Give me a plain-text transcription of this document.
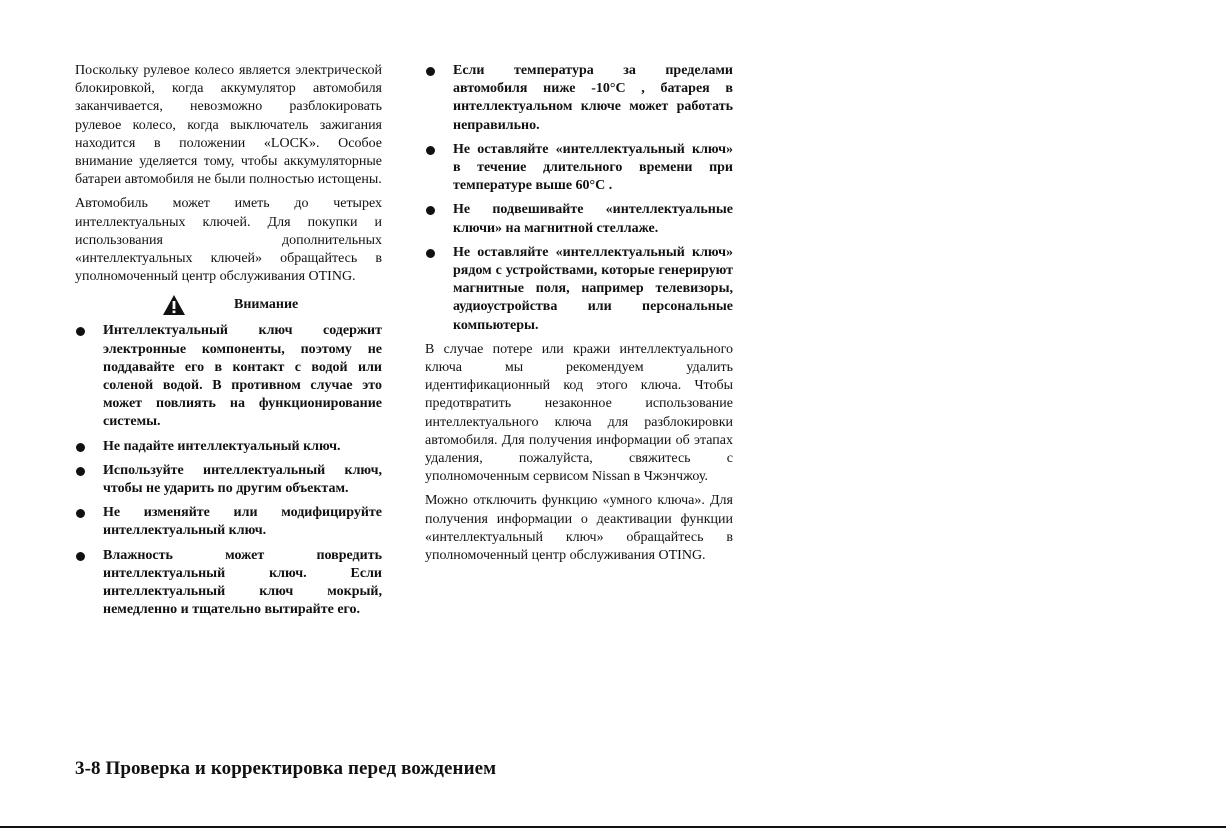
Поскольку рулевое колесо является электрической блокировкой, когда аккумулятор автомобиля заканчивается, невозможно разблокировать рулевое колесо, когда выключатель зажигания находится в положении «LOCK». Особое внимание уделяется тому, чтобы аккумуляторные батареи автомобиля не были полностью истощены.

Автомобиль может иметь до четырех интеллектуальных ключей. Для покупки и использования дополнительных «интеллектуальных ключей» обращайтесь в уполномоченный центр обслуживания OTING.

Внимание
Интеллектуальный ключ содержит электронные компоненты, поэтому не поддавайте его в контакт с водой или соленой водой. В противном случае это может повлиять на функционирование системы.
Не падайте интеллектуальный ключ.
Используйте интеллектуальный ключ, чтобы не ударить по другим объектам.
Не изменяйте или модифицируйте интеллектуальный ключ.
Влажность может повредить интеллектуальный ключ. Если интеллектуальный ключ мокрый, немедленно и тщательно вытирайте его.
Если температура за пределами автомобиля ниже -10°C , батарея в интеллектуальном ключе может работать неправильно.
Не оставляйте «интеллектуальный ключ» в течение длительного времени при температуре выше 60°C .
Не подвешивайте «интеллектуальные ключи» на магнитной стеллаже.
Не оставляйте «интеллектуальный ключ» рядом с устройствами, которые генерируют магнитные поля, например телевизоры, аудиоустройства или персональные компьютеры.

В случае потере или кражи интеллектуального ключа мы рекомендуем удалить идентификационный код этого ключа. Чтобы предотвратить незаконное использование интеллектуального ключа для разблокировки автомобиля. Для получения информации об этапах удаления, пожалуйста, свяжитесь с уполномоченным сервисом Nissan в Чжэнчжоу.

Можно отключить функцию «умного ключа». Для получения информации о деактивации функции «интеллектуальный ключ» обращайтесь в уполномоченный центр обслуживания OTING.

3-8 Проверка и корректировка перед вождением
